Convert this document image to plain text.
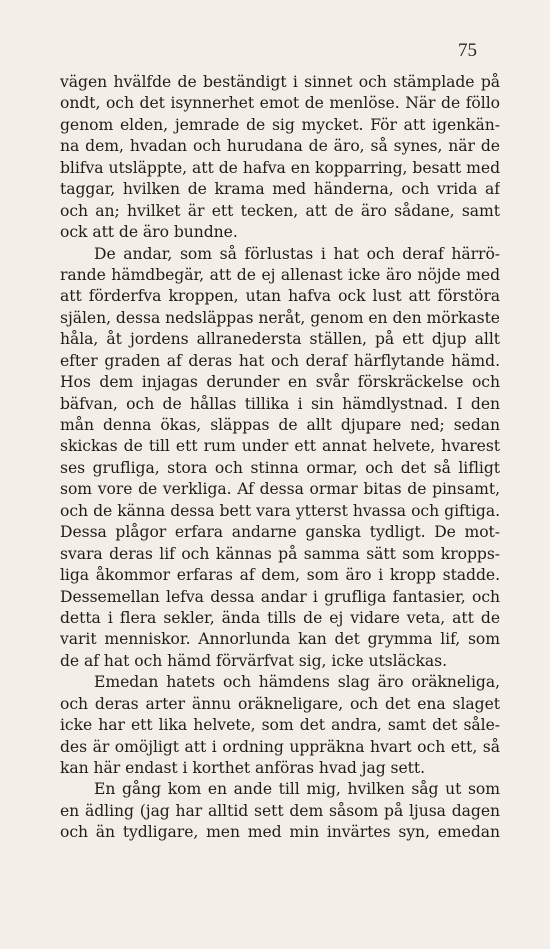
75
vägen hvälfde de beständigt i sinnet och stämplade på
ondt, och det isynnerhet emot de menlöse. När de föllo
genom elden, jemrade de sig mycket. För att igenkän-
na dem, hvadan och hurudana de äro, så synes, när de
blifva utsläppte, att de hafva en kopparring, besatt med
taggar, hvilken de krama med händerna, och vrida af
och an; hvilket är ett tecken, att de äro sådane, samt
ock att de äro bundne.
De andar, som så förlustas i hat och deraf härrö-
rande hämdbegär, att de ej allenast icke äro nöjde med
att förderfva kroppen, utan hafva ock lust att förstöra
själen, dessa nedsläppas neråt, genom en den mörkaste
håla, åt jordens allranedersta ställen, på ett djup allt
efter graden af deras hat och deraf härflytande hämd.
Hos dem injagas derunder en svår förskräckelse och
bäfvan, och de hållas tillika i sin hämdlystnad. I den
mån denna ökas, släppas de allt djupare ned; sedan
skickas de till ett rum under ett annat helvete, hvarest
ses grufliga, stora och stinna ormar, och det så lifligt
som vore de verkliga. Af dessa ormar bitas de pinsamt,
och de känna dessa bett vara ytterst hvassa och giftiga.
Dessa plågor erfara andarne ganska tydligt. De mot-
svara deras lif och kännas på samma sätt som kropps-
liga åkommor erfaras af dem, som äro i kropp stadde.
Dessemellan lefva dessa andar i grufliga fantasier, och
detta i flera sekler, ända tills de ej vidare veta, att de
varit menniskor. Annorlunda kan det grymma lif, som
de af hat och hämd förvärfvat sig, icke utsläckas.
Emedan hatets och hämdens slag äro oräkneliga,
och deras arter ännu oräkneligare, och det ena slaget
icke har ett lika helvete, som det andra, samt det såle-
des är omöjligt att i ordning uppräkna hvart och ett, så
kan här endast i korthet anföras hvad jag sett.
En gång kom en ande till mig, hvilken såg ut som
en ädling (jag har alltid sett dem såsom på ljusa dagen
och än tydligare, men med min invärtes syn, emedan
